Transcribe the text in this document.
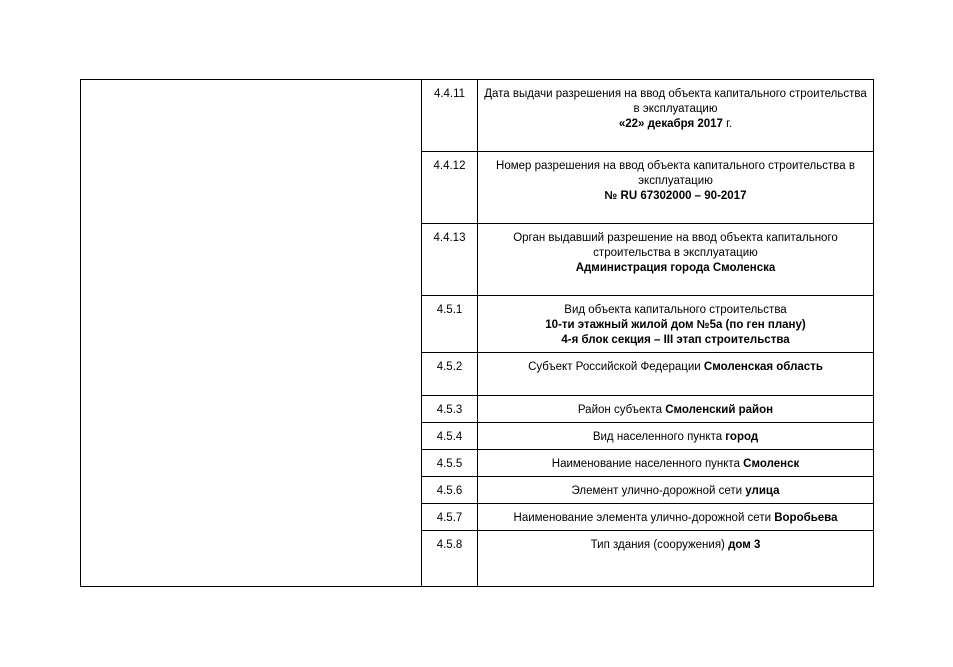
	4.4.11	Дата выдачи разрешения на ввод объекта капитального строительства в эксплуатацию
«22» декабря 2017 г.
	4.4.12	Номер разрешения на ввод объекта капитального строительства в эксплуатацию
№ RU 67302000 – 90-2017

	4.4.13	Орган выдавший разрешение на ввод объекта капитального строительства в эксплуатацию
Администрация города Смоленска

	4.5.1	Вид объекта капитального строительства
10-ти этажный жилой дом №5а (по ген плану)
4-я блок секция – III этап строительства

	4.5.2	Субъект Российской Федерации Смоленская область
	4.5.3	Район субъекта Смоленский район
	4.5.4	Вид населенного пункта город
	4.5.5	Наименование населенного пункта Смоленск
	4.5.6	Элемент улично-дорожной сети улица
	4.5.7	Наименование элемента улично-дорожной сети Воробьева
	4.5.8	Тип здания (сооружения) дом 3
